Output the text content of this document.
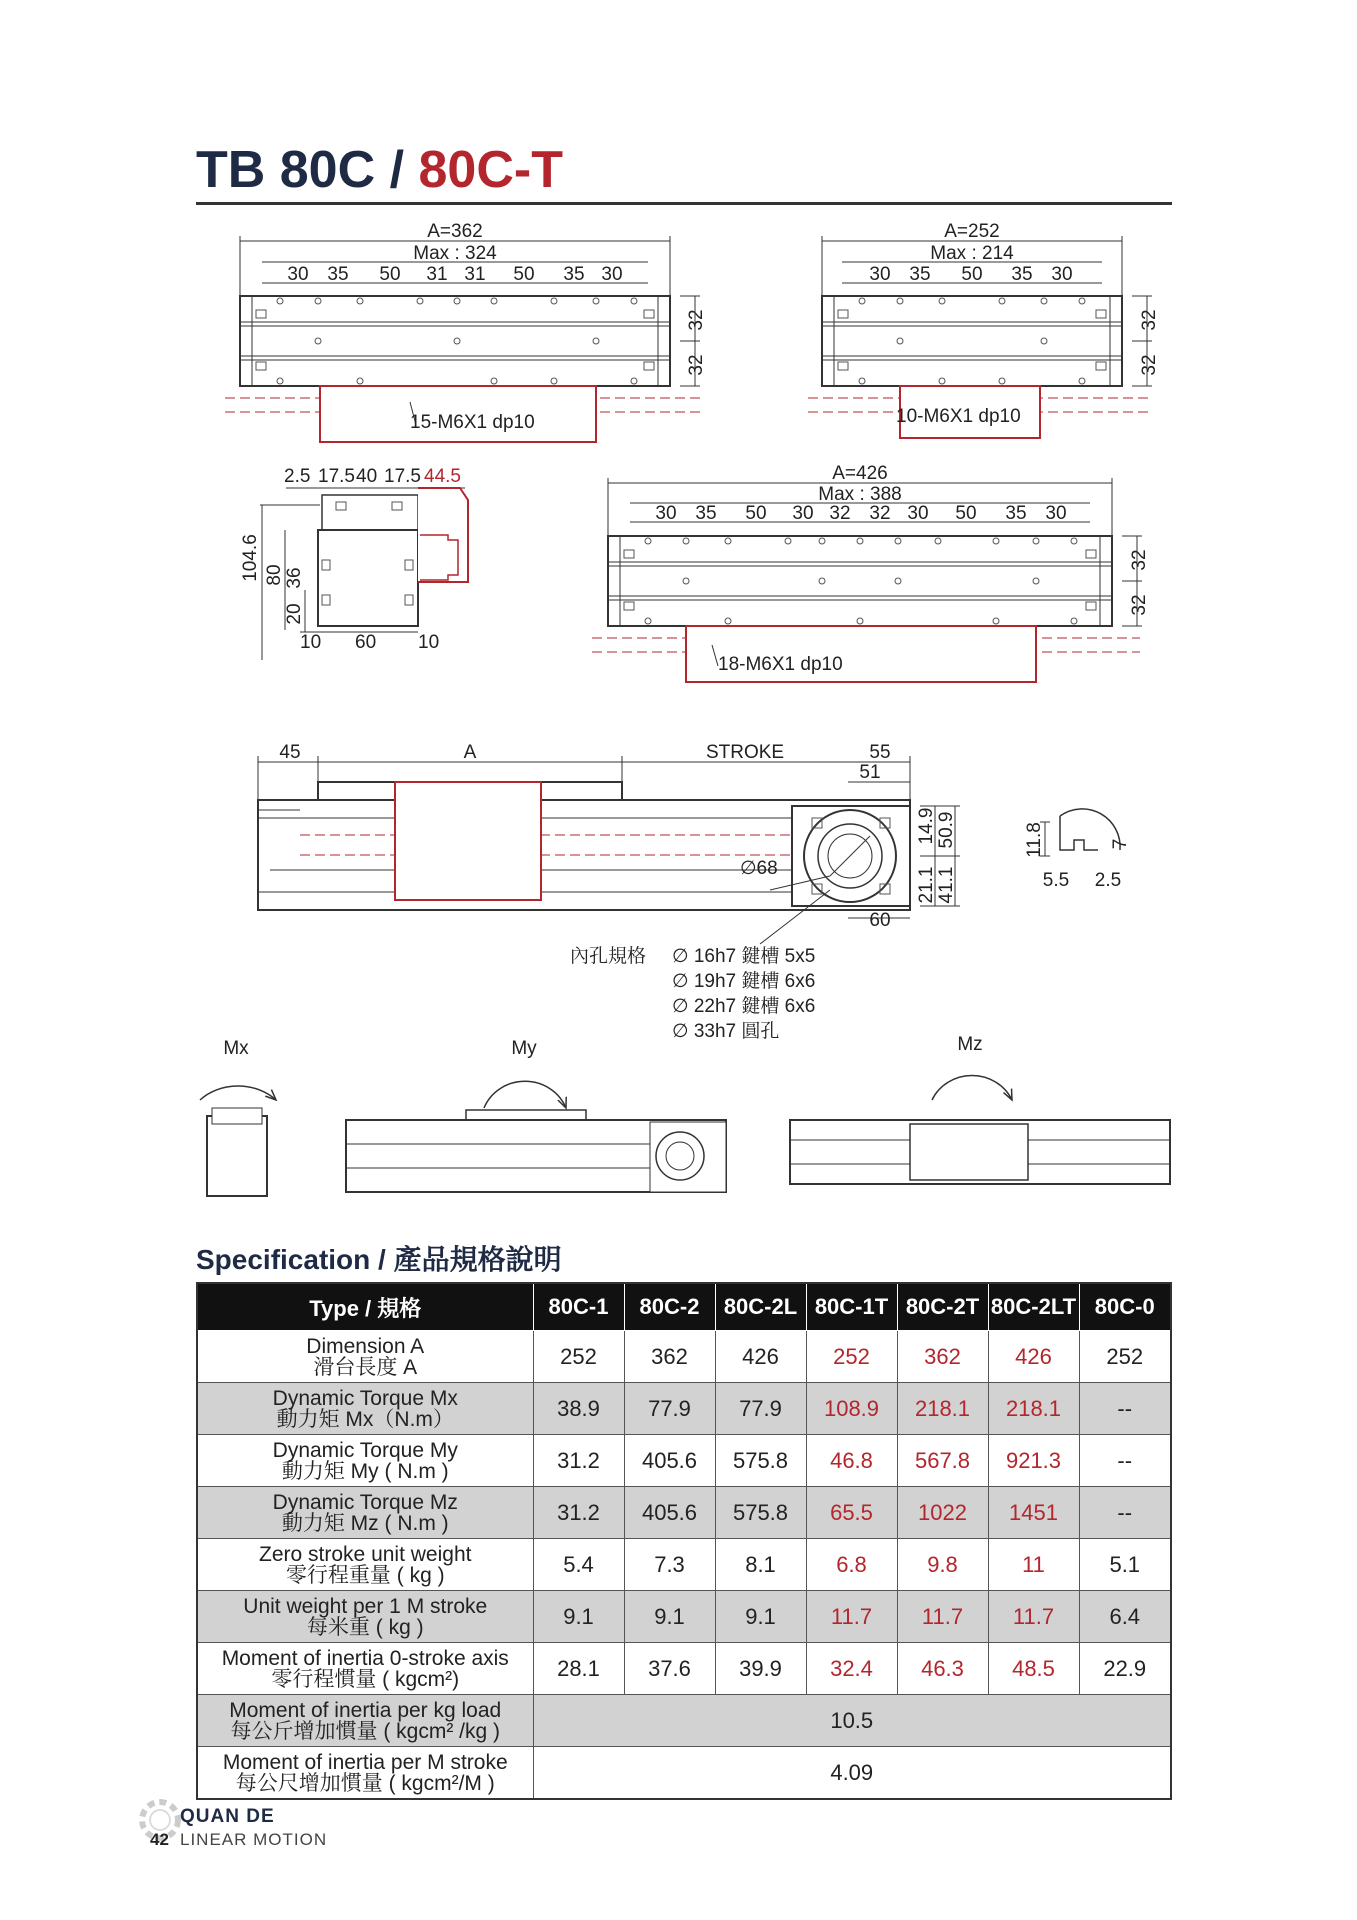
TB 80C / 80C-T
A=362
Max : 324
30 35 50 31 31 50 35 30
32
32
15-M6X1 dp10
A=252
Max : 214
30 35 50 35 30
32
32
10-M6X1 dp10
2.5 17.5 40 17.5 44.5
104.6 80 36
20
10 60 10
A=426
Max : 388
30 35 50 30 32 32 30 50 35 30
32
32
18-M6X1 dp10
45	A	STROKE	55
51
∅68
14.9 50.9
21.1 41.1
60
11.8	7
5.5 2.5
內孔規格 ∅ 16h7 鍵槽 5x5
∅ 19h7 鍵槽 6x6
∅ 22h7 鍵槽 6x6
∅ 33h7 圓孔
Mx	My	Mz
Specification / 產品規格說明
Type / 規格	80C-1	80C-2	80C-2L	80C-1T	80C-2T	80C-2LT	80C-0

Dimension A
滑台長度 A	252	362	426	252	362	426	252

Dynamic Torque Mx
動力矩 Mx（N.m）	38.9	77.9	77.9	108.9	218.1	218.1	--

Dynamic Torque My
動力矩 My ( N.m )	31.2	405.6	575.8	46.8	567.8	921.3	--

Dynamic Torque Mz
動力矩 Mz ( N.m )	31.2	405.6	575.8	65.5	1022	1451	--

Zero stroke unit weight
零行程重量 ( kg )	5.4	7.3	8.1	6.8	9.8	11	5.1

Unit weight per 1 M stroke
每米重 ( kg )	9.1	9.1	9.1	11.7	11.7	11.7	6.4

Moment of inertia 0-stroke axis
零行程慣量 ( kgcm²)	28.1	37.6	39.9	32.4	46.3	48.5	22.9

Moment of inertia per kg load
每公斤增加慣量 ( kgcm² /kg )	10.5						

Moment of inertia per M stroke
每公尺增加慣量 ( kgcm²/M )	4.09						
QUAN DE
42 LINEAR MOTION
